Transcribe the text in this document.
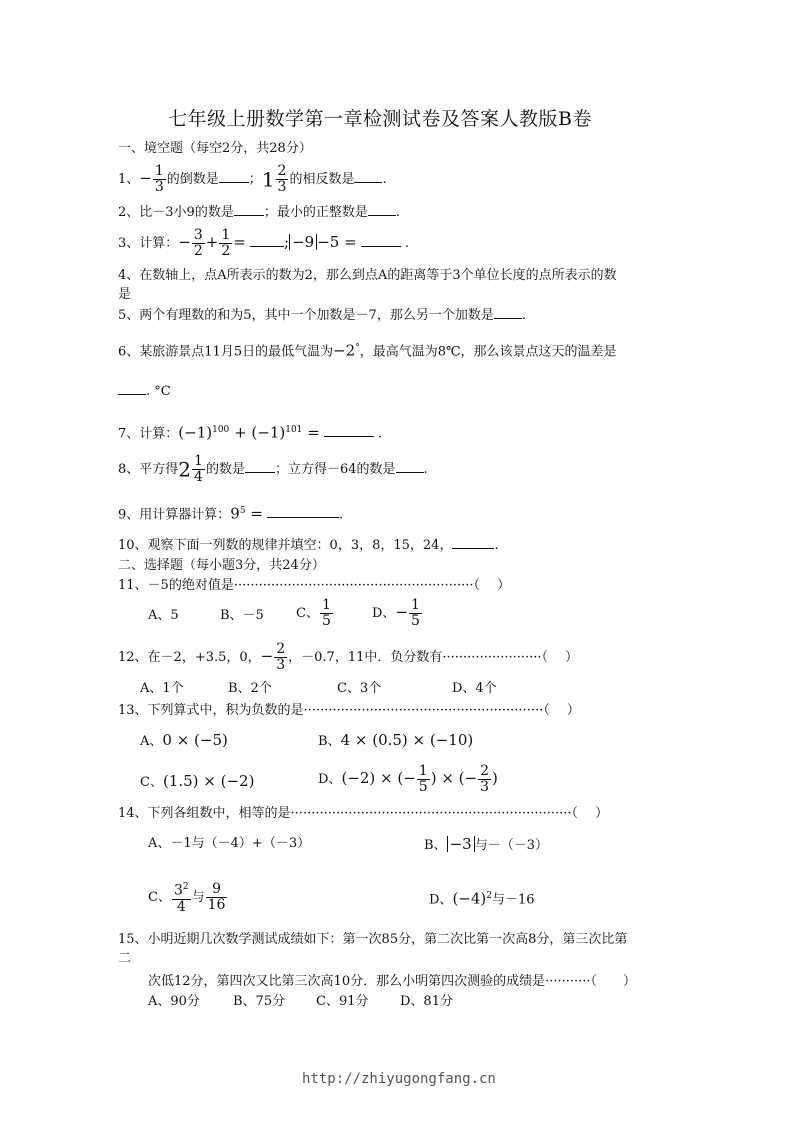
七年级上册数学第一章检测试卷及答案人教版B卷
一、境空题（每空2分，共28分）
1、− $\frac{1}{3}$ 的倒数是 ；$1 \frac{2}{3}$ 的相反数是 .
2、比－3小9的数是 ；最小的正整数是 .
3、计算：− $\frac{3}{2} + \frac{1}{2}$ =	; −9 −5 =	.
4、在数轴上，点A所表示的数为2，那么到点A的距离等于3个单位长度的点所表示的数
是
5、两个有理数的和为5，其中一个加数是－7，那么另一个加数是 .
6、某旅游景点11月5日的最低气温为−2°，最高气温为8℃，那么该景点这天的温差是
. °C
7、计算：$(-1)^{100} + (-1)^{101}$ =	.
8、平方得$2 \frac{1}{4}$ 的数是 ；立方得－64的数是 .
9、用计算器计算：$9^5$ =	.
10、观察下面一列数的规律并填空：0，3，8，15，24，	.
二、选择题（每小题3分，共24分）
11、－5的绝对值是··························································（　 ）
A、5	B、－5 C、 $\frac{1}{5}$	D、− $\frac{1}{5}$
12、在－2，+3.5，0，− $\frac{2}{3}$ ，－0.7，11中．负分数有························（　 ）
A、1个	B、2个	C、3个	D、4个
13、下列算式中，积为负数的是··························································（　 ）
A、0 × (−5)	B、4 × (0.5) × (−10)
C、(1.5) × (−2)	D、(−2) × (− $\frac{1}{5}$ ) × (− $\frac{2}{3}$ )
14、下列各组数中，相等的是····································································（　 ）
A、－1与（－4）+（－3）	B、 −3 与－（－3）
C、 $\frac{3^2}{4}$ 与 $\frac{9}{16}$	D、$(-4)^2$与－16
15、小明近期几次数学测试成绩如下：第一次85分，第二次比第一次高8分，第三次比第
二
次低12分，第四次又比第三次高10分．那么小明第四次测验的成绩是···········（　　）
A、90分	B、75分 C、91分 D、81分
http://zhiyugongfang.cn
